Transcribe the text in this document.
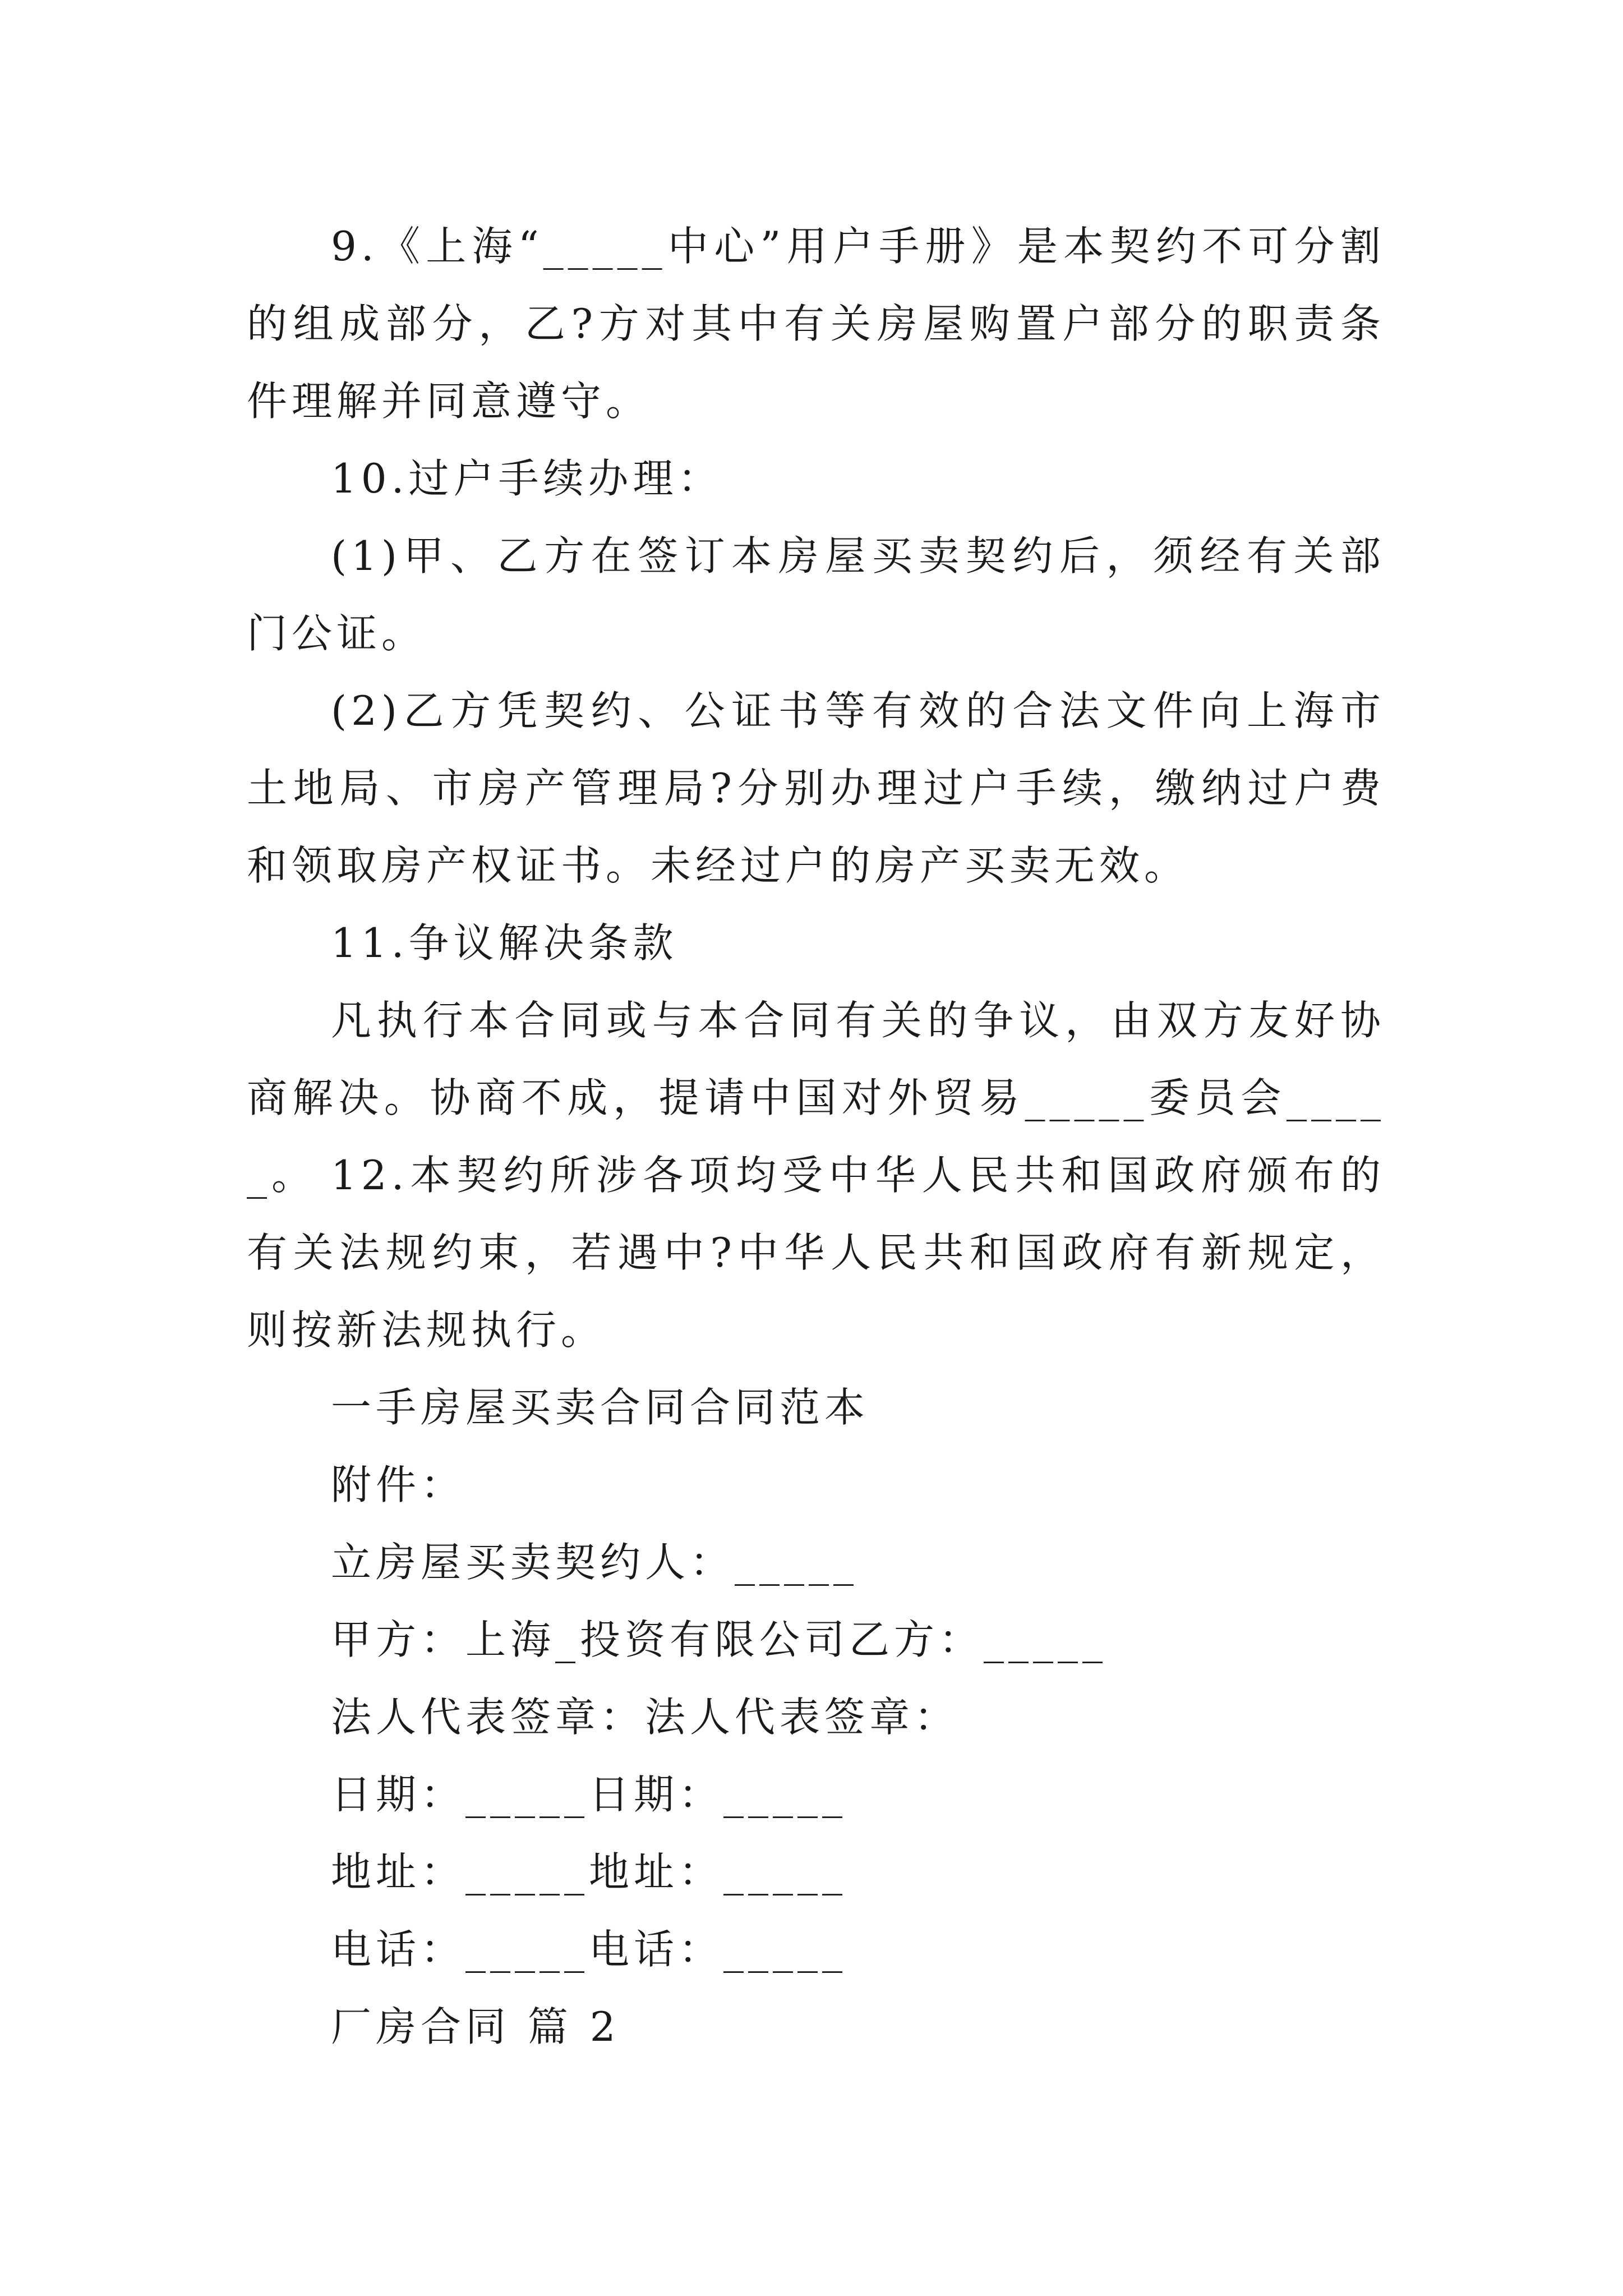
9.《上海“_____中心”用户手册》是本契约不可分割的组成部分，乙?方对其中有关房屋购置户部分的职责条件理解并同意遵守。

10.过户手续办理：

(1)甲、乙方在签订本房屋买卖契约后，须经有关部门公证。

(2)乙方凭契约、公证书等有效的合法文件向上海市土地局、市房产管理局?分别办理过户手续，缴纳过户费和领取房产权证书。未经过户的房产买卖无效。

11.争议解决条款

凡执行本合同或与本合同有关的争议，由双方友好协商解决。协商不成，提请中国对外贸易_____委员会_____。 12.本契约所涉各项均受中华人民共和国政府颁布的有关法规约束，若遇中?中华人民共和国政府有新规定，则按新法规执行。

一手房屋买卖合同合同范本

附件：

立房屋买卖契约人：_____

甲方：上海_投资有限公司乙方：_____

法人代表签章：法人代表签章：

日期：_____日期：_____

地址：_____地址：_____

电话：_____电话：_____

厂房合同 篇 2
